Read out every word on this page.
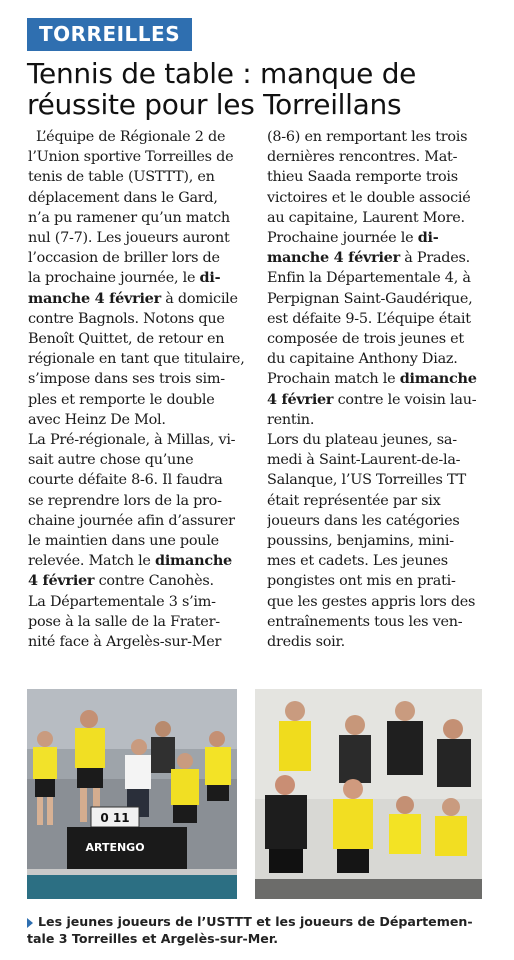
TORREILLES
Tennis de table : manque de
réussite pour les Torreillans
L’équipe de Régionale 2 de
l’Union sportive Torreilles de
tenis de table (USTTT), en
déplacement dans le Gard,
n’a pu ramener qu’un match
nul (7-7). Les joueurs auront
l’occasion de briller lors de
la prochaine journée, le di-
manche 4 février à domicile
contre Bagnols. Notons que
Benoît Quittet, de retour en
régionale en tant que titulaire,
s’impose dans ses trois sim-
ples et remporte le double
avec Heinz De Mol.
La Pré-régionale, à Millas, vi-
sait autre chose qu’une
courte défaite 8-6. Il faudra
se reprendre lors de la pro-
chaine journée afin d’assurer
le maintien dans une poule
relevée. Match le dimanche
4 février contre Canohès.
La Départementale 3 s’im-
pose à la salle de la Frater-
nité face à Argelès-sur-Mer
(8-6) en remportant les trois
dernières rencontres. Mat-
thieu Saada remporte trois
victoires et le double associé
au capitaine, Laurent More.
Prochaine journée le di-
manche 4 février à Prades.
Enfin la Départementale 4, à
Perpignan Saint-Gaudérique,
est défaite 9-5. L’équipe était
composée de trois jeunes et
du capitaine Anthony Diaz.
Prochain match le dimanche
4 février contre le voisin lau-
rentin.
Lors du plateau jeunes, sa-
medi à Saint-Laurent-de-la-
Salanque, l’US Torreilles TT
était représentée par six
joueurs dans les catégories
poussins, benjamins, mini-
mes et cadets. Les jeunes
pongistes ont mis en prati-
que les gestes appris lors des
entraînements tous les ven-
dredis soir.
0 11
ARTENGO
Les jeunes joueurs de l’USTTT et les joueurs de Départemen-
tale 3 Torreilles et Argelès-sur-Mer.
